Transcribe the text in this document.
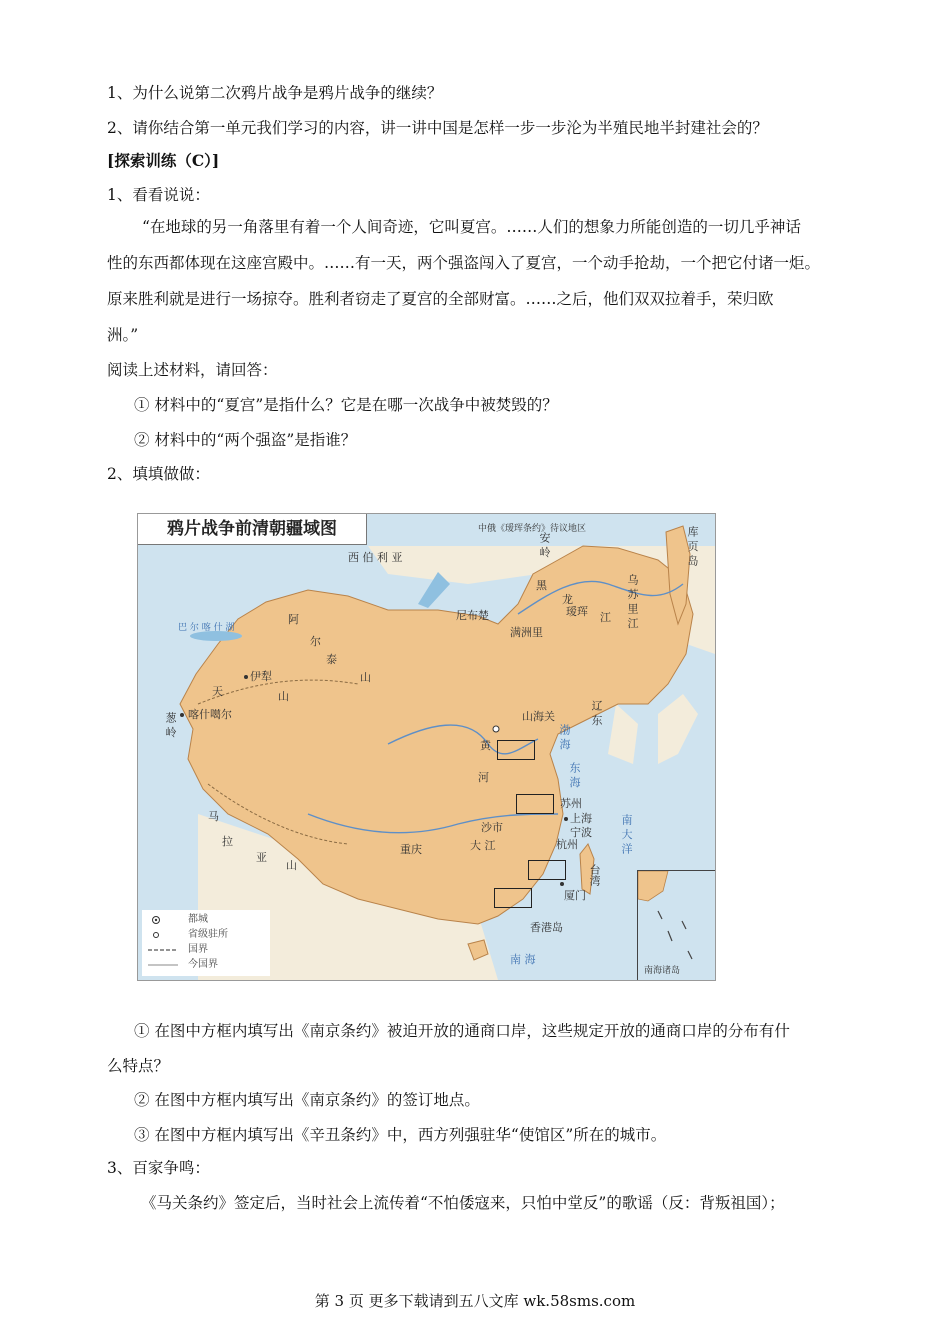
1、为什么说第二次鸦片战争是鸦片战争的继续？
2、请你结合第一单元我们学习的内容，讲一讲中国是怎样一步一步沦为半殖民地半封建社会的？
[探索训练（C）]
1、看看说说：
“在地球的另一角落里有着一个人间奇迹，它叫夏宫。……人们的想象力所能创造的一切几乎神话
性的东西都体现在这座宫殿中。……有一天，两个强盗闯入了夏宫，一个动手抢劫，一个把它付诸一炬。
原来胜利就是进行一场掠夺。胜利者窃走了夏宫的全部财富。……之后，他们双双拉着手，荣归欧
洲。”
阅读上述材料，请回答：
① 材料中的“夏宫”是指什么？它是在哪一次战争中被焚毁的？
② 材料中的“两个强盗”是指谁？
2、填填做做：
鸦片战争前清朝疆域图	中俄《瑷珲条约》待议地区
西 伯 利 亚
尼布楚
满洲里
瑷珲
黑
龙
江
安 岭
乌 苏 里 江
库 页 岛
巴 尔 喀 什 湖
阿
尔
泰
山
天	山
伊犁
喀什噶尔
葱 岭	山海关	辽 东
渤 海
黄
河	东 海
苏州
上海
宁波
杭州
沙市
重庆	大 江
马
拉
亚
山
厦门
台湾
香港岛
南 海
南 大 洋
都城
省级驻所
国界
今国界
南海诸岛
① 在图中方框内填写出《南京条约》被迫开放的通商口岸，这些规定开放的通商口岸的分布有什
么特点？
② 在图中方框内填写出《南京条约》的签订地点。
③ 在图中方框内填写出《辛丑条约》中，西方列强驻华“使馆区”所在的城市。
3、百家争鸣：
《马关条约》签定后，当时社会上流传着“不怕倭寇来，只怕中堂反”的歌谣（反：背叛祖国）；
第 3 页 更多下载请到五八文库 wk.58sms.com
